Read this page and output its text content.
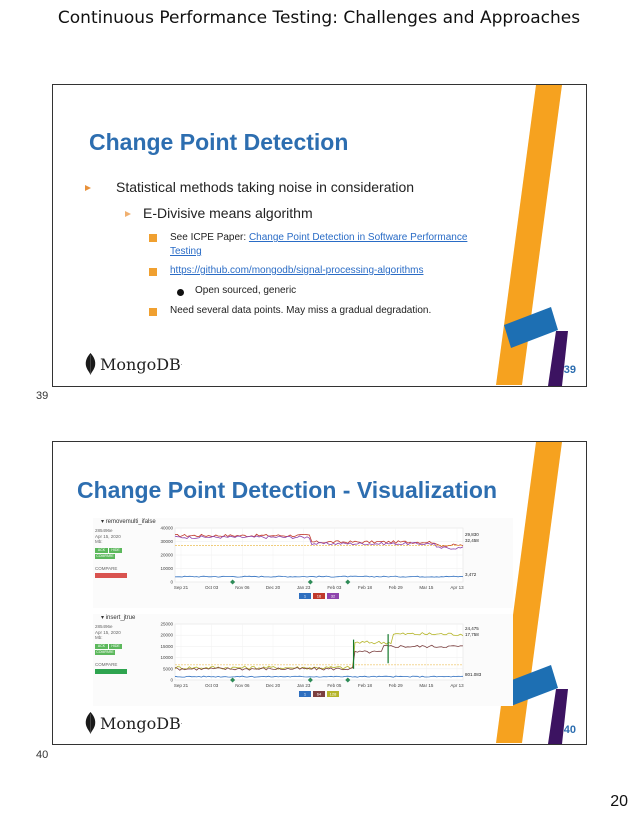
Continuous Performance Testing: Challenges and Approaches
Change Point Detection
Statistical methods taking noise in consideration
E-Divisive means algorithm
See ICPE Paper: Change Point Detection in Software Performance
Testing
https://github.com/mongodb/signal-processing-algorithms
Open sourced, generic
Need several data points. May miss a gradual degradation.
MongoDB .	39
39
Change Point Detection - Visualization
▾ removemulti_ifalse
285496e
Apr 15, 2020
Mb:
ACK	HIDE
COMPARE
COMPARE
40000
30000
20000
10000
0
Sep 21	Oct 03	Nov 06	Dec 20	Jan 23	Feb 03	Feb 18	Feb 29	Mar 15	Apr 13
29,830
32,458
3,472
1	16 32
▾ insert_jtrue
285496e
Apr 15, 2020
Mb:
ACK	HIDE
COMPARE
COMPARE
25000
20000
15000
10000
5000
0
Sep 21	Oct 03	Nov 06	Dec 20	Jan 23	Feb 05	Feb 18	Feb 29	Mar 15	Apr 13
24,475
17,758
801.083
1	64 128
MongoDB .
40
40
20
